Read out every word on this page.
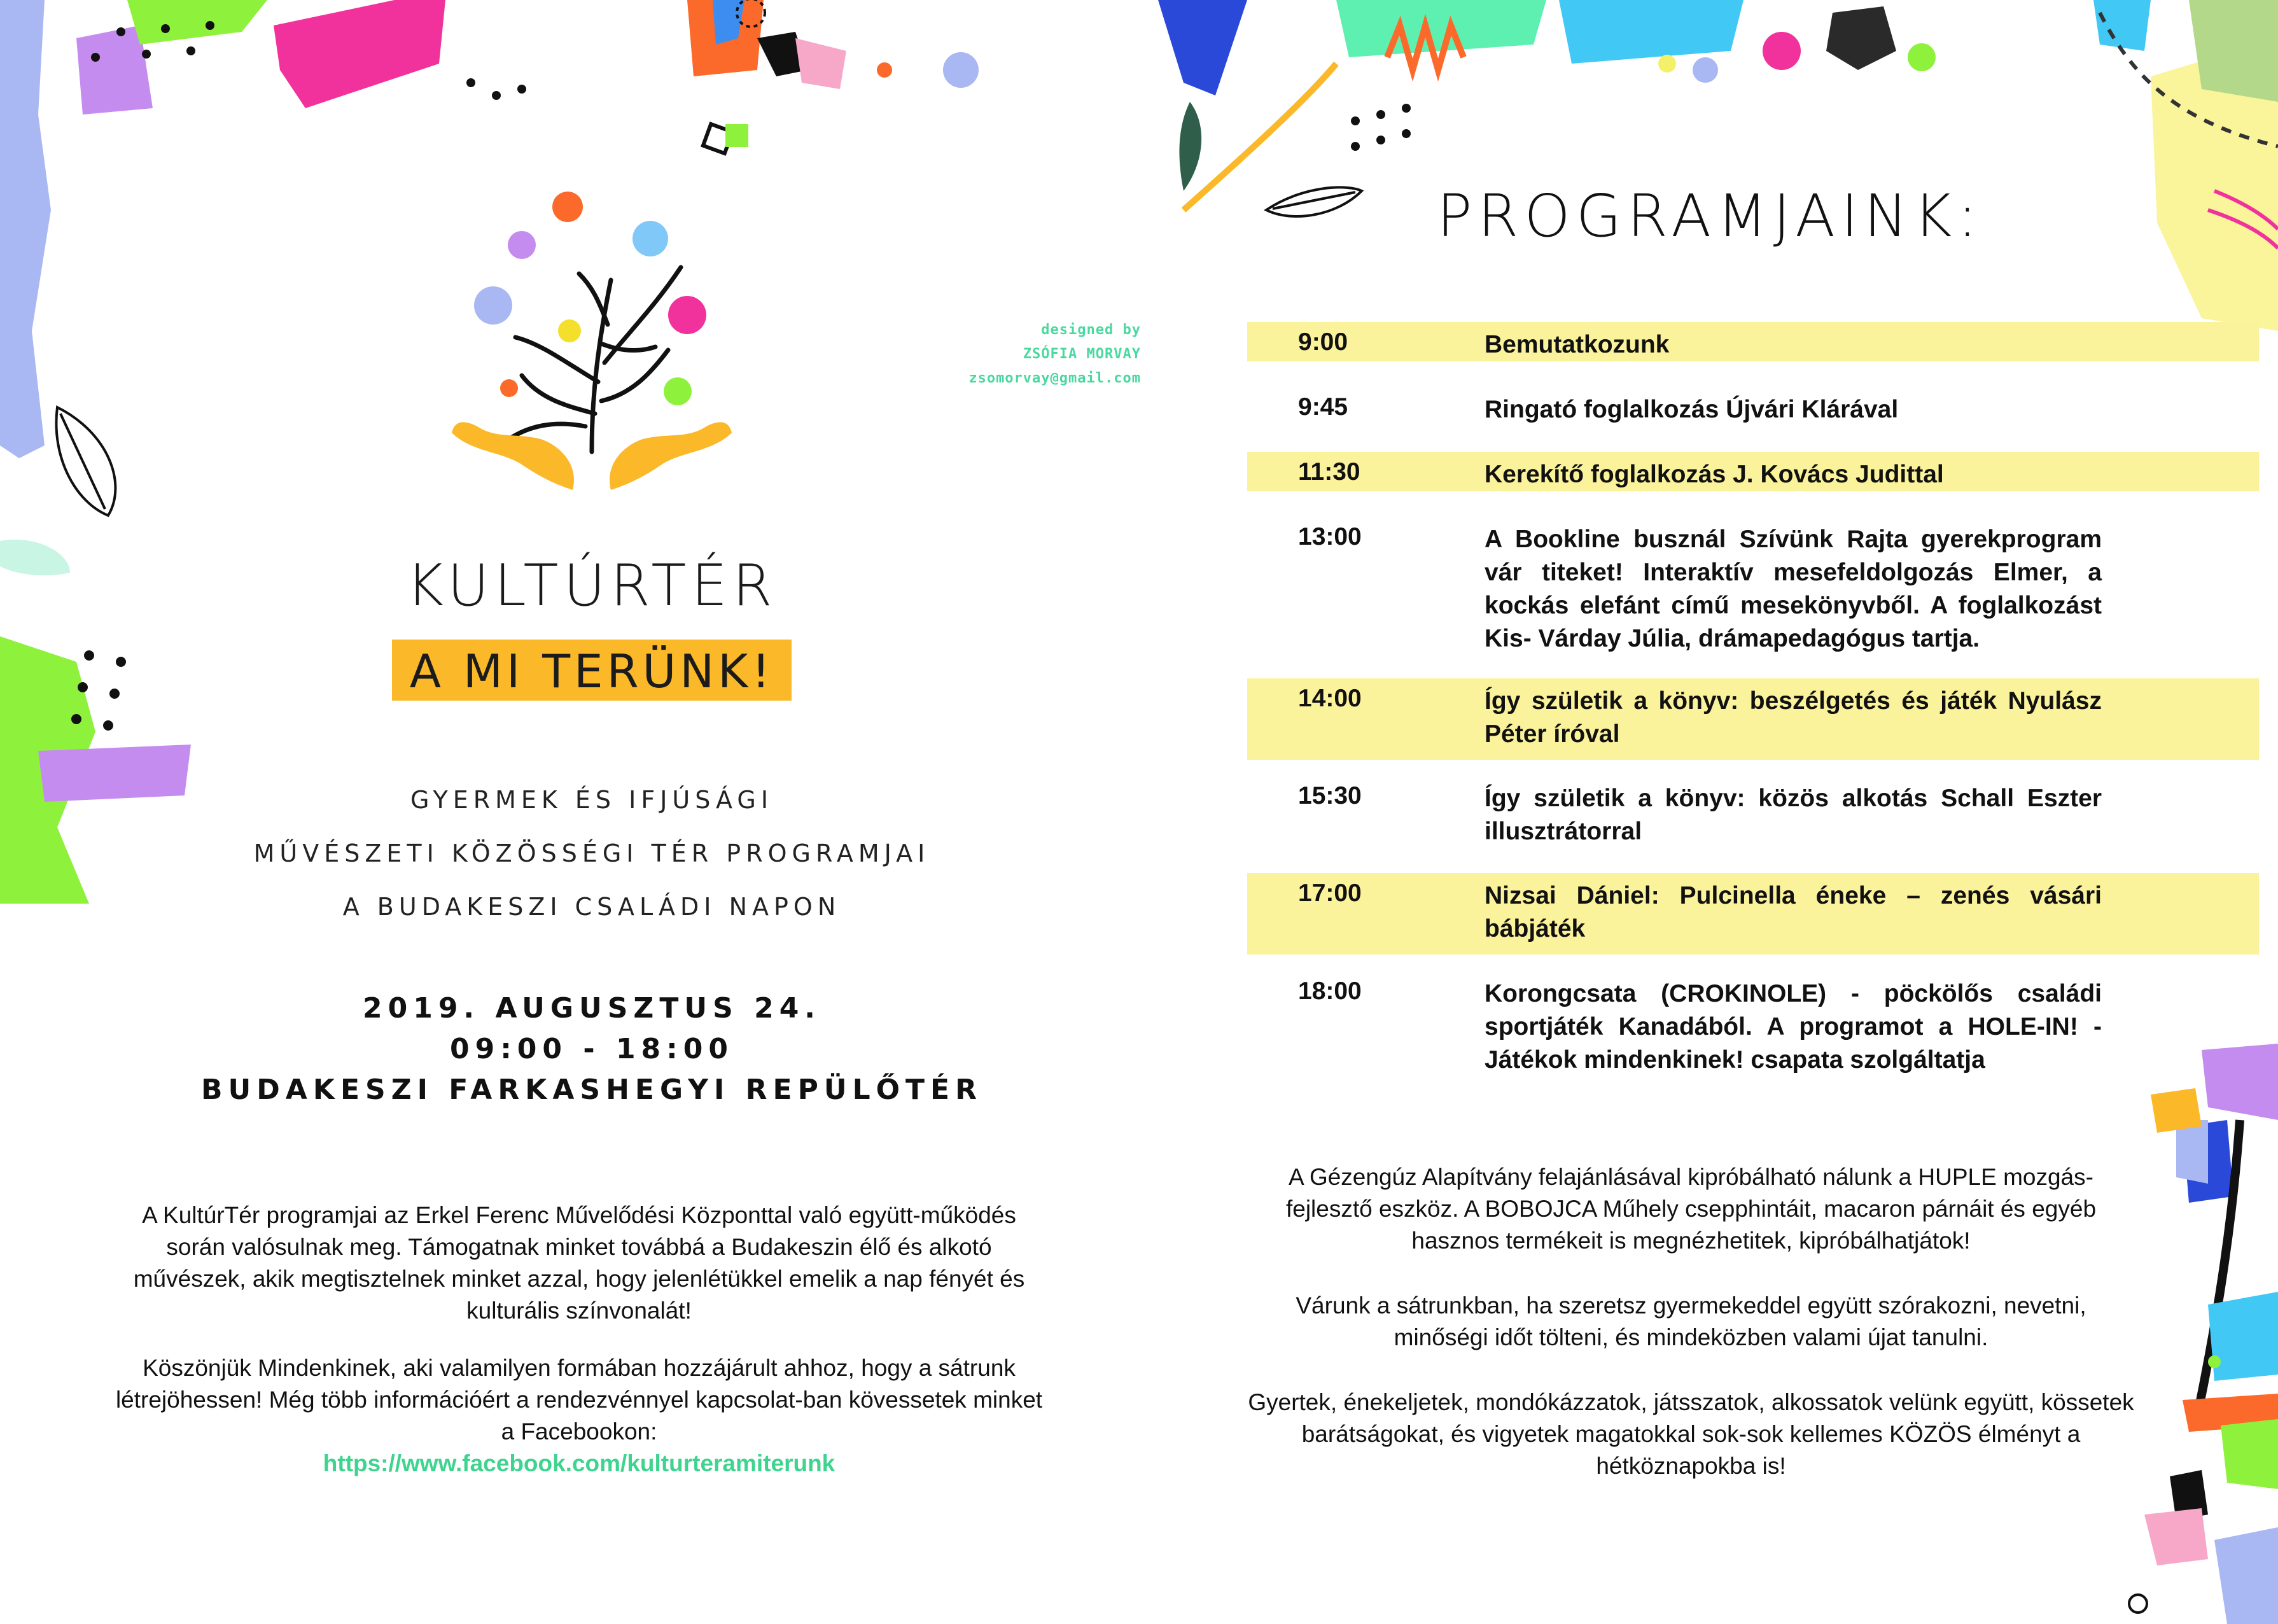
designed by
ZSÓFIA MORVAY
zsomorvay@gmail.com
KULTÚRTÉR
A MI TERÜNK!
GYERMEK ÉS IFJÚSÁGI
MŰVÉSZETI KÖZÖSSÉGI TÉR PROGRAMJAI
A BUDAKESZI CSALÁDI NAPON
2019. AUGUSZTUS 24.
09:00 - 18:00
BUDAKESZI FARKASHEGYI REPÜLŐTÉR

A KultúrTér programjai az Erkel Ferenc Művelődési Központtal való együtt-működés során valósulnak meg. Támogatnak minket továbbá a Budakeszin élő és alkotó művészek, akik megtisztelnek minket azzal, hogy jelenlétükkel emelik a nap fényét és kulturális színvonalát!

Köszönjük Mindenkinek, aki valamilyen formában hozzájárult ahhoz, hogy a sátrunk létrejöhessen! Még több információért a rendezvénnyel kapcsolat-ban kövessetek minket a Facebookon:
https://www.facebook.com/kulturteramiterunk

PROGRAMJAINK:
9:00	Bemutatkozunk
9:45	Ringató foglalkozás Újvári Klárával
11:30	Kerekítő foglalkozás J. Kovács Judittal
13:00	A Bookline busznál Szívünk Rajta gyerekprogram vár titeket! Interaktív mesefeldolgozás Elmer, a kockás elefánt című mesekönyvből. A foglalkozást Kis- Várday Júlia, drámapedagógus tartja.
14:00	Így születik a könyv: beszélgetés és játék Nyulász Péter íróval
15:30	Így születik a könyv: közös alkotás Schall Eszter illusztrátorral
17:00	Nizsai Dániel: Pulcinella éneke – zenés vásári bábjáték
18:00	Korongcsata (CROKINOLE) - pöckölős családi sportjáték Kanadából. A programot a HOLE-IN! - Játékok mindenkinek! csapata szolgáltatja

A Gézengúz Alapítvány felajánlásával kipróbálható nálunk a HUPLE mozgás-fejlesztő eszköz. A BOBOJCA Műhely csepphintáit, macaron párnáit és egyéb hasznos termékeit is megnézhetitek, kipróbálhatjátok!

Várunk a sátrunkban, ha szeretsz gyermekeddel együtt szórakozni, nevetni, minőségi időt tölteni, és mindeközben valami újat tanulni.

Gyertek, énekeljetek, mondókázzatok, játsszatok, alkossatok velünk együtt, kössetek barátságokat, és vigyetek magatokkal sok-sok kellemes KÖZÖS élményt a hétköznapokba is!
